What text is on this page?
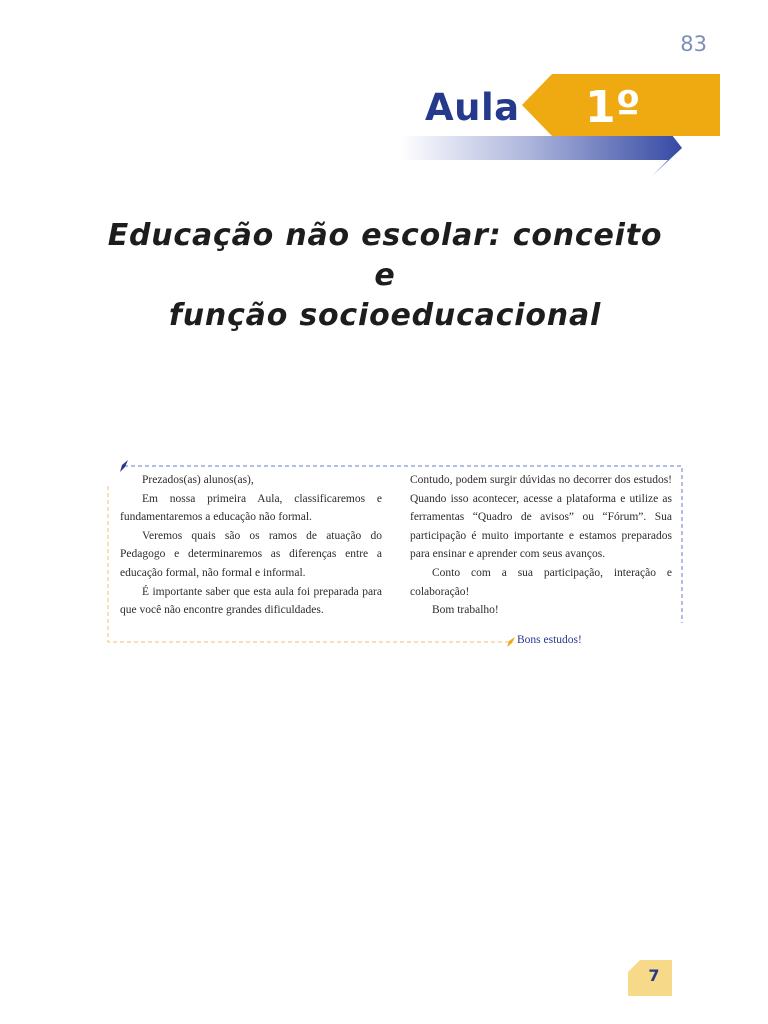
83
Aula 1º
Educação não escolar: conceito e
função socioeducacional

Prezados(as) alunos(as),

Em nossa primeira Aula, classificaremos e fundamentaremos a educação não formal.

Veremos quais são os ramos de atuação do Pedagogo e determinaremos as diferenças entre a educação formal, não formal e informal.

É importante saber que esta aula foi preparada para que você não encontre grandes dificuldades.

Contudo, podem surgir dúvidas no decorrer dos estudos! Quando isso acontecer, acesse a plataforma e utilize as ferramentas “Quadro de avisos” ou “Fórum”. Sua participação é muito importante e estamos preparados para ensinar e aprender com seus avanços.

Conto com a sua participação, interação e colaboração!

Bom trabalho!

Bons estudos!
7
